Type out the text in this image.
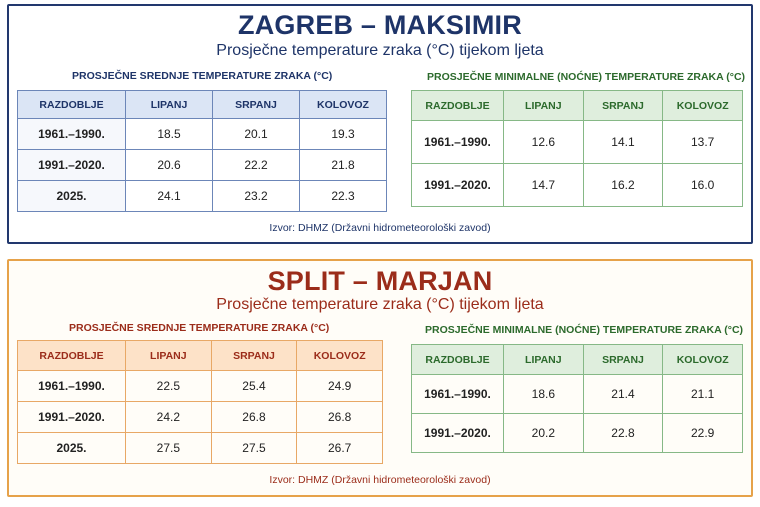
ZAGREB – MAKSIMIR
Prosječne temperature zraka (°C) tijekom ljeta
PROSJEČNE SREDNJE TEMPERATURE ZRAKA (°C)	PROSJEČNE MINIMALNE (NOĆNE) TEMPERATURE ZRAKA (°C)
RAZDOBLJE	LIPANJ	SRPANJ	KOLOVOZ
1961.–1990.	18.5	20.1	19.3
1991.–2020.	20.6	22.2	21.8
2025.	24.1	23.2	22.3
RAZDOBLJE	LIPANJ	SRPANJ	KOLOVOZ
1961.–1990.	12.6	14.1	13.7
1991.–2020.	14.7	16.2	16.0
Izvor: DHMZ (Državni hidrometeorološki zavod)
SPLIT – MARJAN
Prosječne temperature zraka (°C) tijekom ljeta
PROSJEČNE SREDNJE TEMPERATURE ZRAKA (°C)	PROSJEČNE MINIMALNE (NOĆNE) TEMPERATURE ZRAKA (°C)
RAZDOBLJE	LIPANJ	SRPANJ	KOLOVOZ
1961.–1990.	22.5	25.4	24.9
1991.–2020.	24.2	26.8	26.8
2025.	27.5	27.5	26.7
RAZDOBLJE	LIPANJ	SRPANJ	KOLOVOZ
1961.–1990.	18.6	21.4	21.1
1991.–2020.	20.2	22.8	22.9
Izvor: DHMZ (Državni hidrometeorološki zavod)
